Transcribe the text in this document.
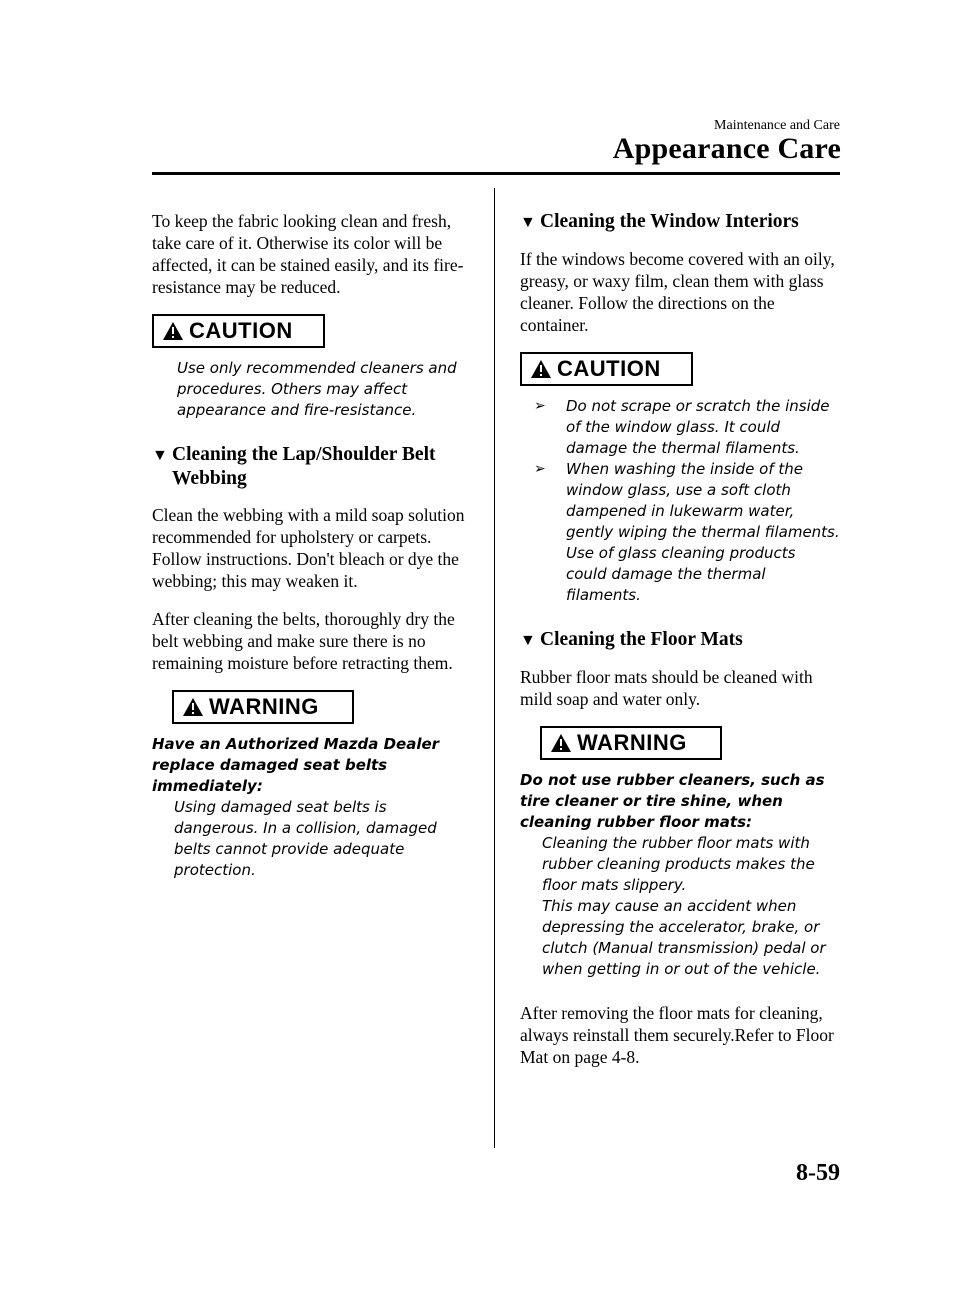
Maintenance and Care
Appearance Care

To keep the fabric looking clean and fresh, take care of it. Otherwise its color will be affected, it can be stained easily, and its fire-resistance may be reduced.

CAUTION
Use only recommended cleaners and procedures. Others may affect appearance and fire-resistance.
▼ Cleaning the Lap/Shoulder Belt Webbing

Clean the webbing with a mild soap solution recommended for upholstery or carpets. Follow instructions. Don't bleach or dye the webbing; this may weaken it.

After cleaning the belts, thoroughly dry the belt webbing and make sure there is no remaining moisture before retracting them.

WARNING
Have an Authorized Mazda Dealer replace damaged seat belts immediately:
Using damaged seat belts is dangerous. In a collision, damaged belts cannot provide adequate protection.
▼ Cleaning the Window Interiors

If the windows become covered with an oily, greasy, or waxy film, clean them with glass cleaner. Follow the directions on the container.

CAUTION
➢ Do not scrape or scratch the inside of the window glass. It could damage the thermal filaments.
➢ When washing the inside of the window glass, use a soft cloth dampened in lukewarm water, gently wiping the thermal filaments.
Use of glass cleaning products could damage the thermal filaments.
▼ Cleaning the Floor Mats

Rubber floor mats should be cleaned with mild soap and water only.

WARNING
Do not use rubber cleaners, such as tire cleaner or tire shine, when cleaning rubber floor mats:
Cleaning the rubber floor mats with rubber cleaning products makes the floor mats slippery.
This may cause an accident when depressing the accelerator, brake, or clutch (Manual transmission) pedal or when getting in or out of the vehicle.

After removing the floor mats for cleaning, always reinstall them securely.Refer to Floor Mat on page 4-8.

8-59
